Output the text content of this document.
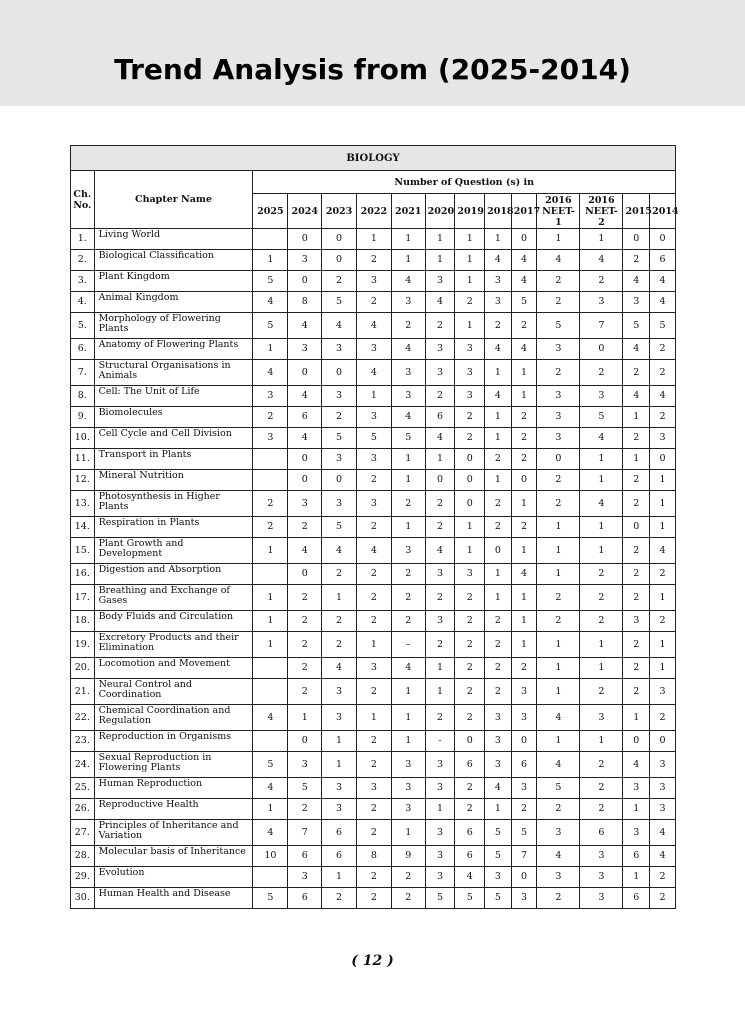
Trend Analysis from (2025-2014)
BIOLOGY														
Ch. No.	Chapter Name	Number of Question (s) in												
		2025	2024	2023	2022	2021	2020	2019	2018	2017	2016 NEET-1	2016 NEET-2	2015	2014
1.	Living World		0	0	1	1	1	1	1	0	1	1	0	0
2.	Biological Classification	1	3	0	2	1	1	1	4	4	4	4	2	6
3.	Plant Kingdom	5	0	2	3	4	3	1	3	4	2	2	4	4
4.	Animal Kingdom	4	8	5	2	3	4	2	3	5	2	3	3	4
5.	Morphology of Flowering Plants	5	4	4	4	2	2	1	2	2	5	7	5	5
6.	Anatomy of Flowering Plants	1	3	3	3	4	3	3	4	4	3	0	4	2
7.	Structural Organisations in Animals	4	0	0	4	3	3	3	1	1	2	2	2	2
8.	Cell: The Unit of Life	3	4	3	1	3	2	3	4	1	3	3	4	4
9.	Biomolecules	2	6	2	3	4	6	2	1	2	3	5	1	2
10.	Cell Cycle and Cell Division	3	4	5	5	5	4	2	1	2	3	4	2	3
11.	Transport in Plants		0	3	3	1	1	0	2	2	0	1	1	0
12.	Mineral Nutrition		0	0	2	1	0	0	1	0	2	1	2	1
13.	Photosynthesis in Higher Plants	2	3	3	3	2	2	0	2	1	2	4	2	1
14.	Respiration in Plants	2	2	5	2	1	2	1	2	2	1	1	0	1
15.	Plant Growth and Development	1	4	4	4	3	4	1	0	1	1	1	2	4
16.	Digestion and Absorption		0	2	2	2	3	3	1	4	1	2	2	2
17.	Breathing and Exchange of Gases	1	2	1	2	2	2	2	1	1	2	2	2	1
18.	Body Fluids and Circulation	1	2	2	2	2	3	2	2	1	2	2	3	2
19.	Excretory Products and their Elimination	1	2	2	1	–	2	2	2	1	1	1	2	1
20.	Locomotion and Movement		2	4	3	4	1	2	2	2	1	1	2	1
21.	Neural Control and Coordination		2	3	2	1	1	2	2	3	1	2	2	3
22.	Chemical Coordination and Regulation	4	1	3	1	1	2	2	3	3	4	3	1	2
23.	Reproduction in Organisms		0	1	2	1	-	0	3	0	1	1	0	0
24.	Sexual Reproduction in Flowering Plants	5	3	1	2	3	3	6	3	6	4	2	4	3
25.	Human Reproduction	4	5	3	3	3	3	2	4	3	5	2	3	3
26.	Reproductive Health	1	2	3	2	3	1	2	1	2	2	2	1	3
27.	Principles of Inheritance and Variation	4	7	6	2	1	3	6	5	5	3	6	3	4
28.	Molecular basis of Inheritance	10	6	6	8	9	3	6	5	7	4	3	6	4
29.	Evolution		3	1	2	2	3	4	3	0	3	3	1	2
30.	Human Health and Disease	5	6	2	2	2	5	5	5	3	2	3	6	2
( 12 )
